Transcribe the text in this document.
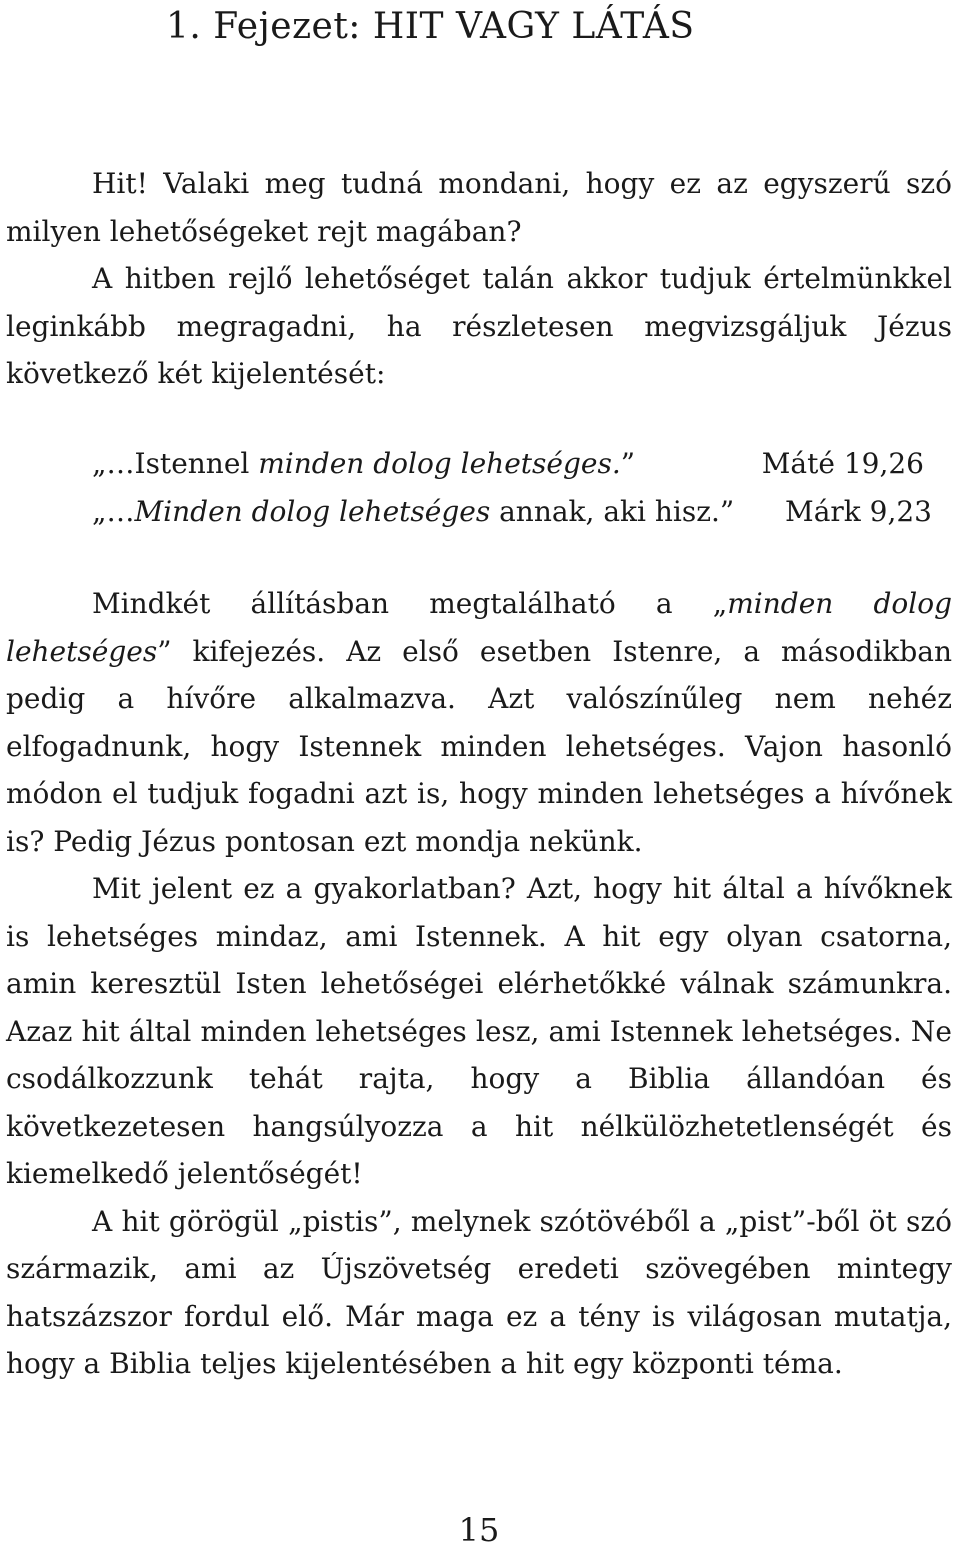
1. Fejezet: HIT VAGY LÁTÁS
Hit! Valaki meg tudná mondani, hogy ez az egyszerű szó milyen lehetőségeket rejt magában?
A hitben rejlő lehetőséget talán akkor tudjuk értelmünkkel leginkább megragadni, ha részletesen megvizsgáljuk Jézus következő két kijelentését:
„…Istennel minden dolog lehetséges.”	Máté 19,26
„…Minden dolog lehetséges annak, aki hisz.” Márk 9,23
Mindkét állításban megtalálható a „minden dolog lehetséges” kifejezés. Az első esetben Istenre, a másodikban pedig a hívőre alkalmazva. Azt valószínűleg nem nehéz elfogadnunk, hogy Istennek minden lehetséges. Vajon hasonló módon el tudjuk fogadni azt is, hogy minden lehetséges a hívőnek is? Pedig Jézus pontosan ezt mondja nekünk.
Mit jelent ez a gyakorlatban? Azt, hogy hit által a hívőknek is lehetséges mindaz, ami Istennek. A hit egy olyan csatorna, amin keresztül Isten lehetőségei elérhetőkké válnak számunkra. Azaz hit által minden lehetséges lesz, ami Istennek lehetséges. Ne csodálkozzunk tehát rajta, hogy a Biblia állandóan és következetesen hangsúlyozza a hit nélkülözhetetlenségét és kiemelkedő jelentőségét!
A hit görögül „pistis”, melynek szótövéből a „pist”-ből öt szó származik, ami az Újszövetség eredeti szövegében mintegy hatszázszor fordul elő. Már maga ez a tény is világosan mutatja, hogy a Biblia teljes kijelentésében a hit egy központi téma.

15
